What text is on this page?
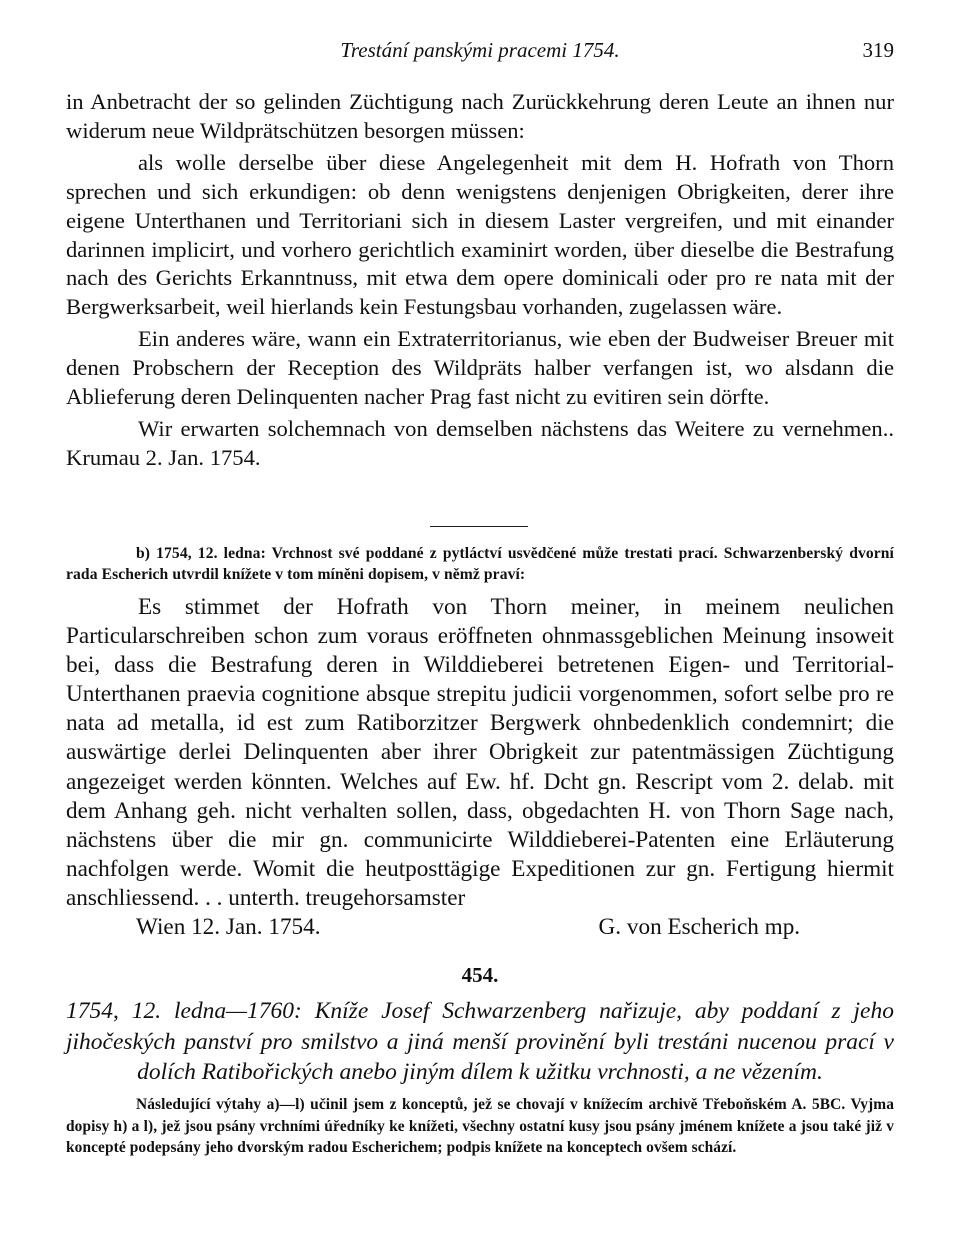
Trestání panskými pracemi 1754.	319

in Anbetracht der so gelinden Züchtigung nach Zurückkehrung deren Leute an ihnen nur widerum neue Wildprätschützen besorgen müssen:

als wolle derselbe über diese Angelegenheit mit dem H. Hofrath von Thorn sprechen und sich erkundigen: ob denn wenigstens denjenigen Obrigkeiten, derer ihre eigene Unterthanen und Territoriani sich in diesem Laster vergreifen, und mit einander darinnen implicirt, und vorhero gerichtlich examinirt worden, über dieselbe die Bestrafung nach des Gerichts Erkanntnuss, mit etwa dem opere dominicali oder pro re nata mit der Bergwerksarbeit, weil hierlands kein Festungsbau vorhanden, zugelassen wäre.

Ein anderes wäre, wann ein Extraterritorianus, wie eben der Budweiser Breuer mit denen Probschern der Reception des Wildpräts halber verfangen ist, wo alsdann die Ablieferung deren Delinquenten nacher Prag fast nicht zu evitiren sein dörfte.

Wir erwarten solchemnach von demselben nächstens das Weitere zu vernehmen.. Krumau 2. Jan. 1754.

b) 1754, 12. ledna: Vrchnost své poddané z pytláctví usvědčené může trestati prací. Schwarzenberský dvorní rada Escherich utvrdil knížete v tom míněni dopisem, v němž praví:

Es stimmet der Hofrath von Thorn meiner, in meinem neulichen Particularschreiben schon zum voraus eröffneten ohnmassgeblichen Meinung insoweit bei, dass die Bestrafung deren in Wilddieberei betretenen Eigen- und Territorial-Unterthanen praevia cognitione absque strepitu judicii vorgenommen, sofort selbe pro re nata ad metalla, id est zum Ratiborzitzer Bergwerk ohnbedenklich condemnirt; die auswärtige derlei Delinquenten aber ihrer Obrigkeit zur patentmässigen Züchtigung angezeiget werden könnten. Welches auf Ew. hf. Dcht gn. Rescript vom 2. delab. mit dem Anhang geh. nicht verhalten sollen, dass, obgedachten H. von Thorn Sage nach, nächstens über die mir gn. communicirte Wilddieberei-Patenten eine Erläuterung nachfolgen werde. Womit die heutposttägige Expeditionen zur gn. Fertigung hiermit anschliessend. . . unterth. treugehorsamster

Wien 12. Jan. 1754.	G. von Escherich mp.
454.

1754, 12. ledna—1760: Kníže Josef Schwarzenberg nařizuje, aby poddaní z jeho jihočeských panství pro smilstvo a jiná menší provinění byli trestáni nucenou prací v dolích Ratibořických anebo jiným dílem k užitku vrchnosti, a ne vězením.

Následující výtahy a)—l) učinil jsem z konceptů, jež se chovají v knížecím archivě Třeboňském A. 5BC. Vyjma dopisy h) a l), jež jsou psány vrchními úředníky ke knížeti, všechny ostatní kusy jsou psány jménem knížete a jsou také již v koncepté podepsány jeho dvorským radou Escherichem; podpis knížete na konceptech ovšem schází.
